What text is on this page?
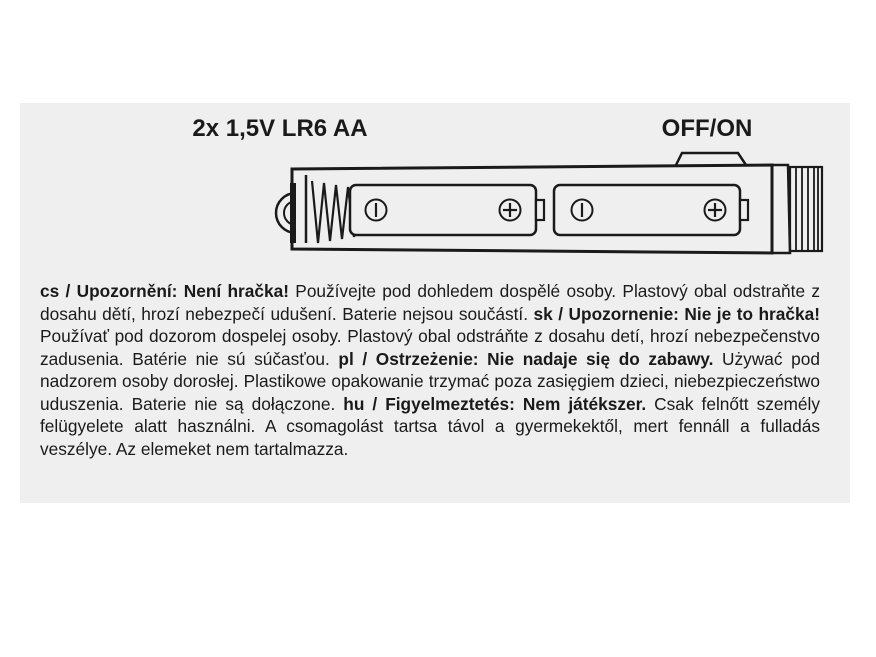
2x 1,5V LR6 AA	OFF/ON
cs / Upozornění: Není hračka! Používejte pod dohledem dospělé osoby. Plastový obal odstraňte z dosahu dětí, hrozí nebezpečí udušení. Baterie nejsou součástí. sk / Upozornenie: Nie je to hračka! Používať pod dozorom dospelej osoby. Plastový obal odstráňte z dosahu detí, hrozí nebezpečenstvo zadusenia. Batérie nie sú súčasťou. pl / Ostrzeżenie: Nie nadaje się do zabawy. Używać pod nadzorem osoby dorosłej. Plastikowe opakowanie trzymać poza zasięgiem dzieci, niebezpieczeństwo uduszenia. Baterie nie są dołączone. hu / Figyelmeztetés: Nem játékszer. Csak felnőtt személy felügyelete alatt használni. A csomagolást tartsa távol a gyermekektől, mert fennáll a fulladás veszélye. Az elemeket nem tartalmazza.
